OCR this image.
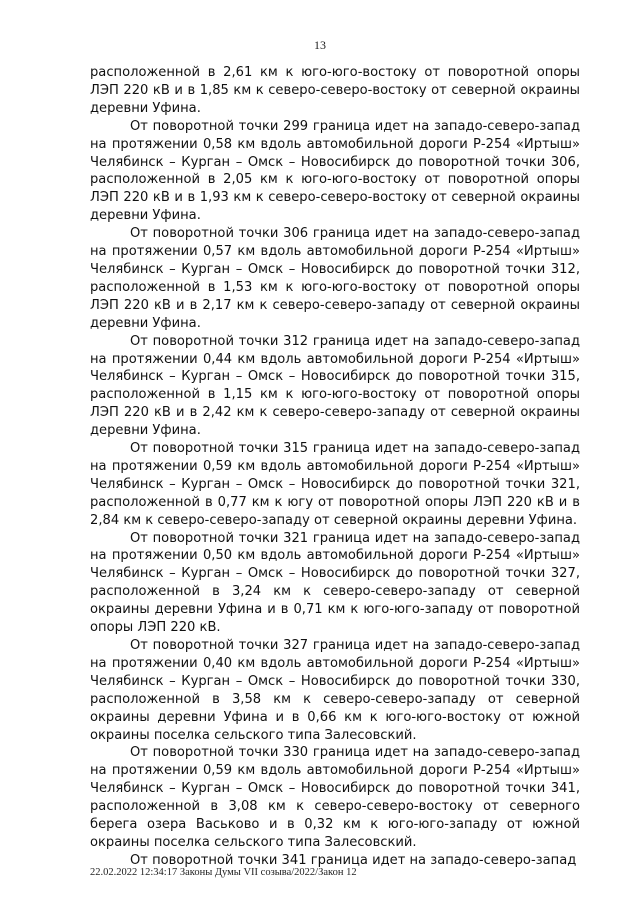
13

расположенной в 2,61 км к юго-юго-востоку от поворотной опоры ЛЭП 220 кВ и в 1,85 км к северо-северо-востоку от северной окраины деревни Уфина.

От поворотной точки 299 граница идет на западо-северо-запад на протяжении 0,58 км вдоль автомобильной дороги Р-254 «Иртыш» Челябинск – Курган – Омск – Новосибирск до поворотной точки 306, расположенной в 2,05 км к юго-юго-востоку от поворотной опоры ЛЭП 220 кВ и в 1,93 км к северо-северо-востоку от северной окраины деревни Уфина.

От поворотной точки 306 граница идет на западо-северо-запад на протяжении 0,57 км вдоль автомобильной дороги Р-254 «Иртыш» Челябинск – Курган – Омск – Новосибирск до поворотной точки 312, расположенной в 1,53 км к юго-юго-востоку от поворотной опоры ЛЭП 220 кВ и в 2,17 км к северо-северо-западу от северной окраины деревни Уфина.

От поворотной точки 312 граница идет на западо-северо-запад на протяжении 0,44 км вдоль автомобильной дороги Р-254 «Иртыш» Челябинск – Курган – Омск – Новосибирск до поворотной точки 315, расположенной в 1,15 км к юго-юго-востоку от поворотной опоры ЛЭП 220 кВ и в 2,42 км к северо-северо-западу от северной окраины деревни Уфина.

От поворотной точки 315 граница идет на западо-северо-запад на протяжении 0,59 км вдоль автомобильной дороги Р-254 «Иртыш» Челябинск – Курган – Омск – Новосибирск до поворотной точки 321, расположенной в 0,77 км к югу от поворотной опоры ЛЭП 220 кВ и в 2,84 км к северо-северо-западу от северной окраины деревни Уфина.

От поворотной точки 321 граница идет на западо-северо-запад на протяжении 0,50 км вдоль автомобильной дороги Р-254 «Иртыш» Челябинск – Курган – Омск – Новосибирск до поворотной точки 327, расположенной в 3,24 км к северо-северо-западу от северной окраины деревни Уфина и в 0,71 км к юго-юго-западу от поворотной опоры ЛЭП 220 кВ.

От поворотной точки 327 граница идет на западо-северо-запад на протяжении 0,40 км вдоль автомобильной дороги Р-254 «Иртыш» Челябинск – Курган – Омск – Новосибирск до поворотной точки 330, расположенной в 3,58 км к северо-северо-западу от северной окраины деревни Уфина и в 0,66 км к юго-юго-востоку от южной окраины поселка сельского типа Залесовский.

От поворотной точки 330 граница идет на западо-северо-запад на протяжении 0,59 км вдоль автомобильной дороги Р-254 «Иртыш» Челябинск – Курган – Омск – Новосибирск до поворотной точки 341, расположенной в 3,08 км к северо-северо-востоку от северного берега озера Васьково и в 0,32 км к юго-юго-западу от южной окраины поселка сельского типа Залесовский.

От поворотной точки 341 граница идет на западо-северо-запад

22.02.2022 12:34:17 Законы Думы VII созыва/2022/Закон 12
